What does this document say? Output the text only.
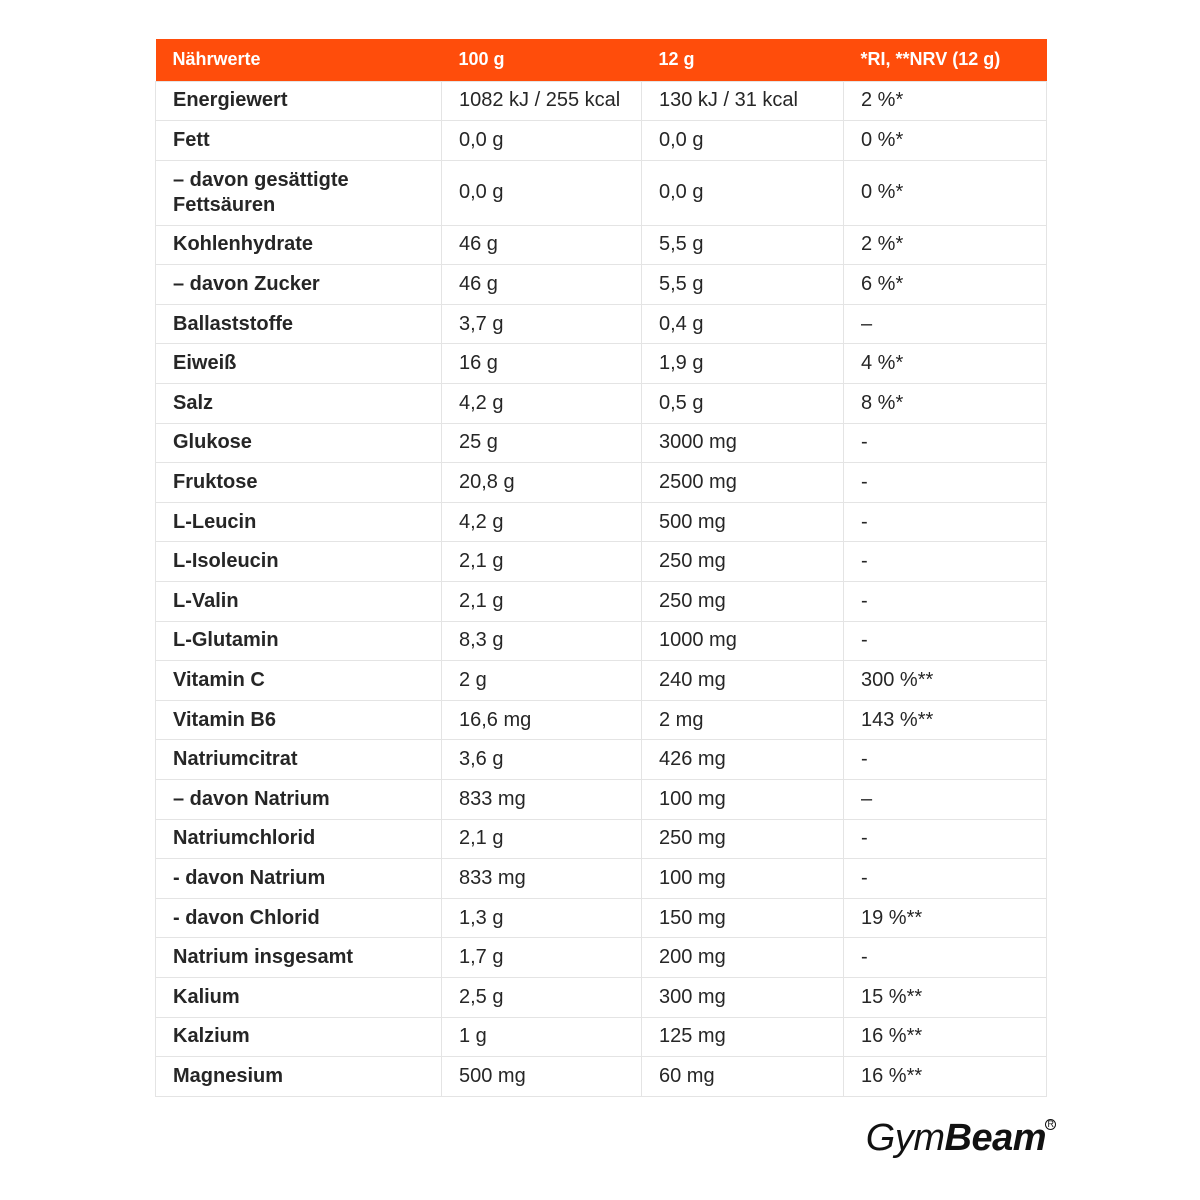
Nährwerte	100 g	12 g	*RI, **NRV (12 g)
Energiewert	1082 kJ / 255 kcal	130 kJ / 31 kcal	2 %*
Fett	0,0 g	0,0 g	0 %*
– davon gesättigte Fettsäuren	0,0 g	0,0 g	0 %*
Kohlenhydrate	46 g	5,5 g	2 %*
– davon Zucker	46 g	5,5 g	6 %*
Ballaststoffe	3,7 g	0,4 g	–
Eiweiß	16 g	1,9 g	4 %*
Salz	4,2 g	0,5 g	8 %*
Glukose	25 g	3000 mg	-
Fruktose	20,8 g	2500 mg	-
L-Leucin	4,2 g	500 mg	-
L-Isoleucin	2,1 g	250 mg	-
L-Valin	2,1 g	250 mg	-
L-Glutamin	8,3 g	1000 mg	-
Vitamin C	2 g	240 mg	300 %**
Vitamin B6	16,6 mg	2 mg	143 %**
Natriumcitrat	3,6 g	426 mg	-
– davon Natrium	833 mg	100 mg	–
Natriumchlorid	2,1 g	250 mg	-
- davon Natrium	833 mg	100 mg	-
- davon Chlorid	1,3 g	150 mg	19 %**
Natrium insgesamt	1,7 g	200 mg	-
Kalium	2,5 g	300 mg	15 %**
Kalzium	1 g	125 mg	16 %**
Magnesium	500 mg	60 mg	16 %**
GymBeam R
